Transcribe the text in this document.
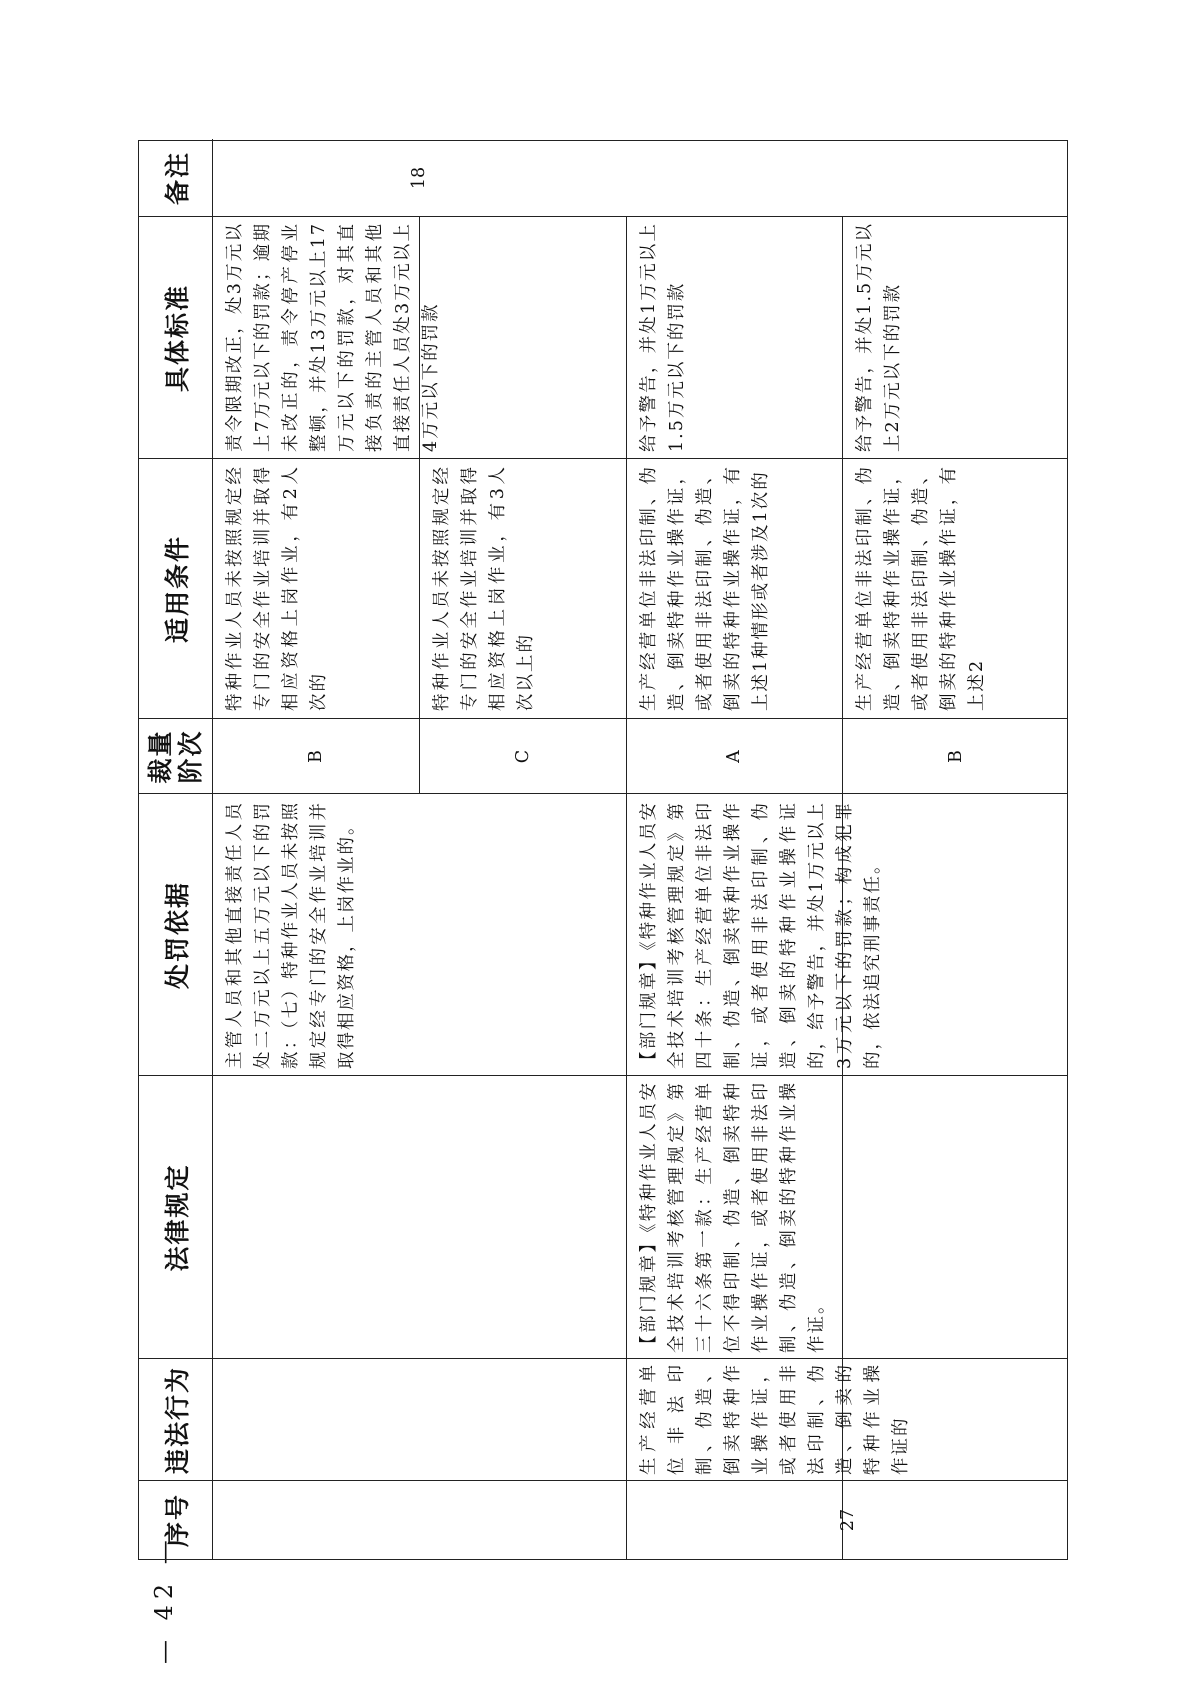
— 42 —
序号
违法行为
法律规定
处罚依据
裁量 阶次
适用条件
具体标准
备注
主管人员和其他直接责任人员处二万元以上五万元以下的罚款：（七）特种作业人员未按照规定经专门的安全作业培训并取得相应资格，上岗作业的。
B
特种作业人员未按照规定经专门的安全作业培训并取得相应资格上岗作业，有2人次的
责令限期改正，处3万元以上7万元以下的罚款；逾期未改正的，责令停产停业整顿，并处13万元以上17万元以下的罚款，对其直接负责的主管人员和其他直接责任人员处3万元以上4万元以下的罚款
C
特种作业人员未按照规定经专门的安全作业培训并取得相应资格上岗作业，有3人次以上的
27
生产经营单位非法印制、伪造、倒卖特种作业操作证，或者使用非法印制、伪造、倒卖的特种作业操作证的
【部门规章】《特种作业人员安全技术培训考核管理规定》第三十六条第一款：生产经营单位不得印制、伪造、倒卖特种作业操作证，或者使用非法印制、伪造、倒卖的特种作业操作证。
【部门规章】《特种作业人员安全技术培训考核管理规定》第四十条：生产经营单位非法印制、伪造、倒卖特种作业操作证，或者使用非法印制、伪造、倒卖的特种作业操作证的，给予警告，并处1万元以上3万元以下的罚款；构成犯罪的，依法追究刑事责任。
A
生产经营单位非法印制、伪造、倒卖特种作业操作证，或者使用非法印制、伪造、倒卖的特种作业操作证，有上述1种情形或者涉及1次的
给予警告，并处1万元以上1.5万元以下的罚款
B
生产经营单位非法印制、伪造、倒卖特种作业操作证，或者使用非法印制、伪造、倒卖的特种作业操作证，有上述2
给予警告，并处1.5万元以上2万元以下的罚款
18
